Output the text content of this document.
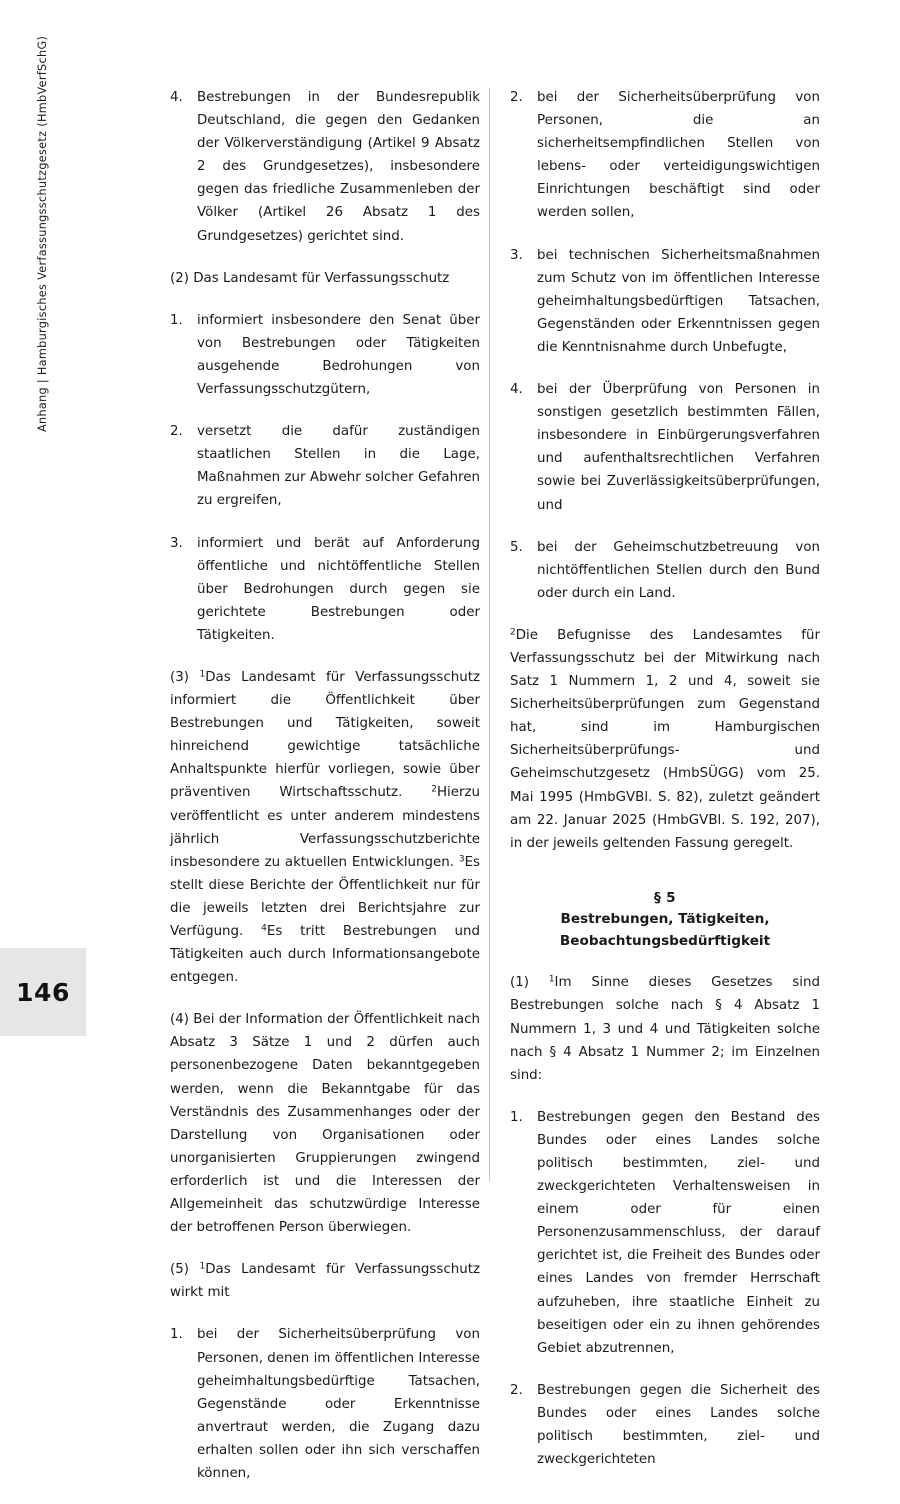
Anhang | Hamburgisches Verfassungsschutzgesetz (HmbVerfSchG)
146
4.	Bestrebungen in der Bundesrepublik Deutschland, die gegen den Gedanken der Völkerverständigung (Artikel 9 Absatz 2 des Grundgesetzes), insbesondere gegen das friedliche Zusammenleben der Völker (Artikel 26 Absatz 1 des Grundgesetzes) gerichtet sind.

(2) Das Landesamt für Verfassungsschutz

1.	informiert insbesondere den Senat über von Bestrebungen oder Tätigkeiten ausgehende Bedrohungen von Verfassungsschutzgütern,
2.	versetzt die dafür zuständigen staatlichen Stellen in die Lage, Maßnahmen zur Abwehr solcher Gefahren zu ergreifen,
3.	informiert und berät auf Anforderung öffentliche und nichtöffentliche Stellen über Bedrohungen durch gegen sie gerichtete Bestrebungen oder Tätigkeiten.

(3) $^1$Das Landesamt für Verfassungsschutz informiert die Öffentlichkeit über Bestrebungen und Tätigkeiten, soweit hinreichend gewichtige tatsächliche Anhaltspunkte hierfür vorliegen, sowie über präventiven Wirtschaftsschutz. $^2$Hierzu veröffentlicht es unter anderem mindestens jährlich Verfassungsschutzberichte insbesondere zu aktuellen Entwicklungen. $^3$Es stellt diese Berichte der Öffentlichkeit nur für die jeweils letzten drei Berichtsjahre zur Verfügung. $^4$Es tritt Bestrebungen und Tätigkeiten auch durch Informationsangebote entgegen.

(4) Bei der Information der Öffentlichkeit nach Absatz 3 Sätze 1 und 2 dürfen auch personenbezogene Daten bekanntgegeben werden, wenn die Bekanntgabe für das Verständnis des Zusammenhanges oder der Darstellung von Organisationen oder unorganisierten Gruppierungen zwingend erforderlich ist und die Interessen der Allgemeinheit das schutzwürdige Interesse der betroffenen Person überwiegen.

(5) $^1$Das Landesamt für Verfassungsschutz wirkt mit

1.	bei der Sicherheitsüberprüfung von Personen, denen im öffentlichen Interesse geheimhaltungsbedürftige Tatsachen, Gegenstände oder Erkenntnisse anvertraut werden, die Zugang dazu erhalten sollen oder ihn sich verschaffen können,
2.	bei der Sicherheitsüberprüfung von Personen, die an sicherheitsempfindlichen Stellen von lebens- oder verteidigungswichtigen Einrichtungen beschäftigt sind oder werden sollen,
3.	bei technischen Sicherheitsmaßnahmen zum Schutz von im öffentlichen Interesse geheimhaltungsbedürftigen Tatsachen, Gegenständen oder Erkenntnissen gegen die Kenntnisnahme durch Unbefugte,
4.	bei der Überprüfung von Personen in sonstigen gesetzlich bestimmten Fällen, insbesondere in Einbürgerungsverfahren und aufenthaltsrechtlichen Verfahren sowie bei Zuverlässigkeitsüberprüfungen, und
5.	bei der Geheimschutzbetreuung von nichtöffentlichen Stellen durch den Bund oder durch ein Land.

$^2$Die Befugnisse des Landesamtes für Verfassungsschutz bei der Mitwirkung nach Satz 1 Nummern 1, 2 und 4, soweit sie Sicherheitsüberprüfungen zum Gegenstand hat, sind im Hamburgischen Sicherheitsüberprüfungs- und Geheimschutzgesetz (HmbSÜGG) vom 25. Mai 1995 (HmbGVBl. S. 82), zuletzt geändert am 22. Januar 2025 (HmbGVBl. S. 192, 207), in der jeweils geltenden Fassung geregelt.

§ 5
Bestrebungen, Tätigkeiten,
Beobachtungsbedürftigkeit

(1) $^1$Im Sinne dieses Gesetzes sind Bestrebungen solche nach § 4 Absatz 1 Nummern 1, 3 und 4 und Tätigkeiten solche nach § 4 Absatz 1 Nummer 2; im Einzelnen sind:

1.	Bestrebungen gegen den Bestand des Bundes oder eines Landes solche politisch bestimmten, ziel- und zweckgerichteten Verhaltensweisen in einem oder für einen Personenzusammenschluss, der darauf gerichtet ist, die Freiheit des Bundes oder eines Landes von fremder Herrschaft aufzuheben, ihre staatliche Einheit zu beseitigen oder ein zu ihnen gehörendes Gebiet abzutrennen,
2.	Bestrebungen gegen die Sicherheit des Bundes oder eines Landes solche politisch bestimmten, ziel- und zweckgerichteten
